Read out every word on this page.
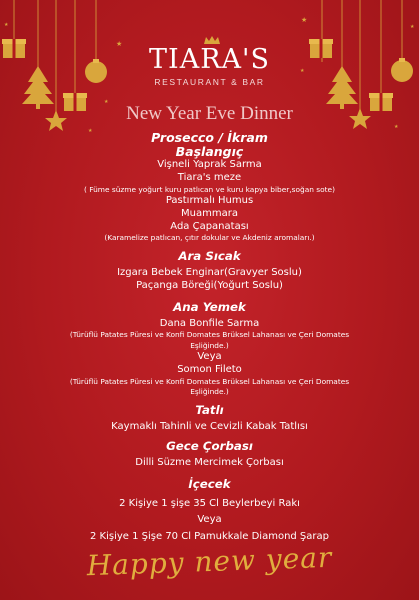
★
★
★
★
★
★
★
★
TIARA'S
RESTAURANT & BAR
New Year Eve Dinner
Prosecco / İkram
Başlangıç
Vişneli Yaprak Sarma
Tiara's meze
( Füme süzme yoğurt kuru patlıcan ve kuru kapya biber,soğan sote)
Pastırmalı Humus
Muammara
Ada Çapanatası
(Karamelize patlıcan, çıtır dokular ve Akdeniz aromaları.)
Ara Sıcak
Izgara Bebek Enginar(Gravyer Soslu)
Paçanga Böreği(Yoğurt Soslu)
Ana Yemek
Dana Bonfile Sarma
(Türüflü Patates Püresi ve Konfi Domates Brüksel Lahanası ve Çeri Domates
Eşliğinde.)
Veya
Somon Fileto
(Türüflü Patates Püresi ve Konfi Domates Brüksel Lahanası ve Çeri Domates
Eşliğinde.)
Tatlı
Kaymaklı Tahinli ve Cevizli Kabak Tatlısı
Gece Çorbası
Dilli Süzme Mercimek Çorbası
İçecek
2 Kişiye 1 şişe 35 Cl Beylerbeyi Rakı
Veya
2 Kişiye 1 Şişe 70 Cl Pamukkale Diamond Şarap
Happy new year
